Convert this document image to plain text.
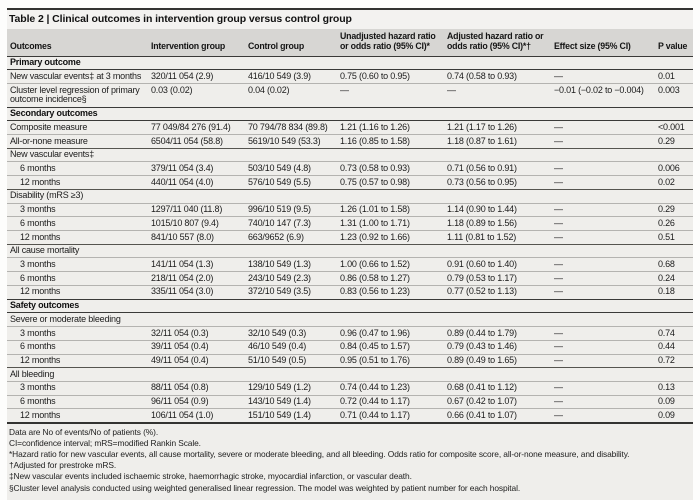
Table 2 | Clinical outcomes in intervention group versus control group
Outcomes	Intervention group	Control group	Unadjusted hazard ratio or odds ratio (95% CI)*	Adjusted hazard ratio or odds ratio (95% CI)*†	Effect size (95% CI)	P value
Primary outcome						
New vascular events‡ at 3 months	320/11 054 (2.9)	416/10 549 (3.9)	0.75 (0.60 to 0.95)	0.74 (0.58 to 0.93)	—	0.01
Cluster level regression of primary outcome incidence§	0.03 (0.02)	0.04 (0.02)	—	—	−0.01 (−0.02 to −0.004)	0.003
Secondary outcomes						
Composite measure	77 049/84 276 (91.4)	70 794/78 834 (89.8)	1.21 (1.16 to 1.26)	1.21 (1.17 to 1.26)	—	<0.001
All-or-none measure	6504/11 054 (58.8)	5619/10 549 (53.3)	1.16 (0.85 to 1.58)	1.18 (0.87 to 1.61)	—	0.29
New vascular events‡						
6 months	379/11 054 (3.4)	503/10 549 (4.8)	0.73 (0.58 to 0.93)	0.71 (0.56 to 0.91)	—	0.006
12 months	440/11 054 (4.0)	576/10 549 (5.5)	0.75 (0.57 to 0.98)	0.73 (0.56 to 0.95)	—	0.02
Disability (mRS ≥3)						
3 months	1297/11 040 (11.8)	996/10 519 (9.5)	1.26 (1.01 to 1.58)	1.14 (0.90 to 1.44)	—	0.29
6 months	1015/10 807 (9.4)	740/10 147 (7.3)	1.31 (1.00 to 1.71)	1.18 (0.89 to 1.56)	—	0.26
12 months	841/10 557 (8.0)	663/9652 (6.9)	1.23 (0.92 to 1.66)	1.11 (0.81 to 1.52)	—	0.51
All cause mortality						
3 months	141/11 054 (1.3)	138/10 549 (1.3)	1.00 (0.66 to 1.52)	0.91 (0.60 to 1.40)	—	0.68
6 months	218/11 054 (2.0)	243/10 549 (2.3)	0.86 (0.58 to 1.27)	0.79 (0.53 to 1.17)	—	0.24
12 months	335/11 054 (3.0)	372/10 549 (3.5)	0.83 (0.56 to 1.23)	0.77 (0.52 to 1.13)	—	0.18
Safety outcomes						
Severe or moderate bleeding						
3 months	32/11 054 (0.3)	32/10 549 (0.3)	0.96 (0.47 to 1.96)	0.89 (0.44 to 1.79)	—	0.74
6 months	39/11 054 (0.4)	46/10 549 (0.4)	0.84 (0.45 to 1.57)	0.79 (0.43 to 1.46)	—	0.44
12 months	49/11 054 (0.4)	51/10 549 (0.5)	0.95 (0.51 to 1.76)	0.89 (0.49 to 1.65)	—	0.72
All bleeding						
3 months	88/11 054 (0.8)	129/10 549 (1.2)	0.74 (0.44 to 1.23)	0.68 (0.41 to 1.12)	—	0.13
6 months	96/11 054 (0.9)	143/10 549 (1.4)	0.72 (0.44 to 1.17)	0.67 (0.42 to 1.07)	—	0.09
12 months	106/11 054 (1.0)	151/10 549 (1.4)	0.71 (0.44 to 1.17)	0.66 (0.41 to 1.07)	—	0.09
Data are No of events/No of patients (%).
CI=confidence interval; mRS=modified Rankin Scale.
*Hazard ratio for new vascular events, all cause mortality, severe or moderate bleeding, and all bleeding. Odds ratio for composite score, all-or-none measure, and disability.
†Adjusted for prestroke mRS.
‡New vascular events included ischaemic stroke, haemorrhagic stroke, myocardial infarction, or vascular death.
§Cluster level analysis conducted using weighted generalised linear regression. The model was weighted by patient number for each hospital.
